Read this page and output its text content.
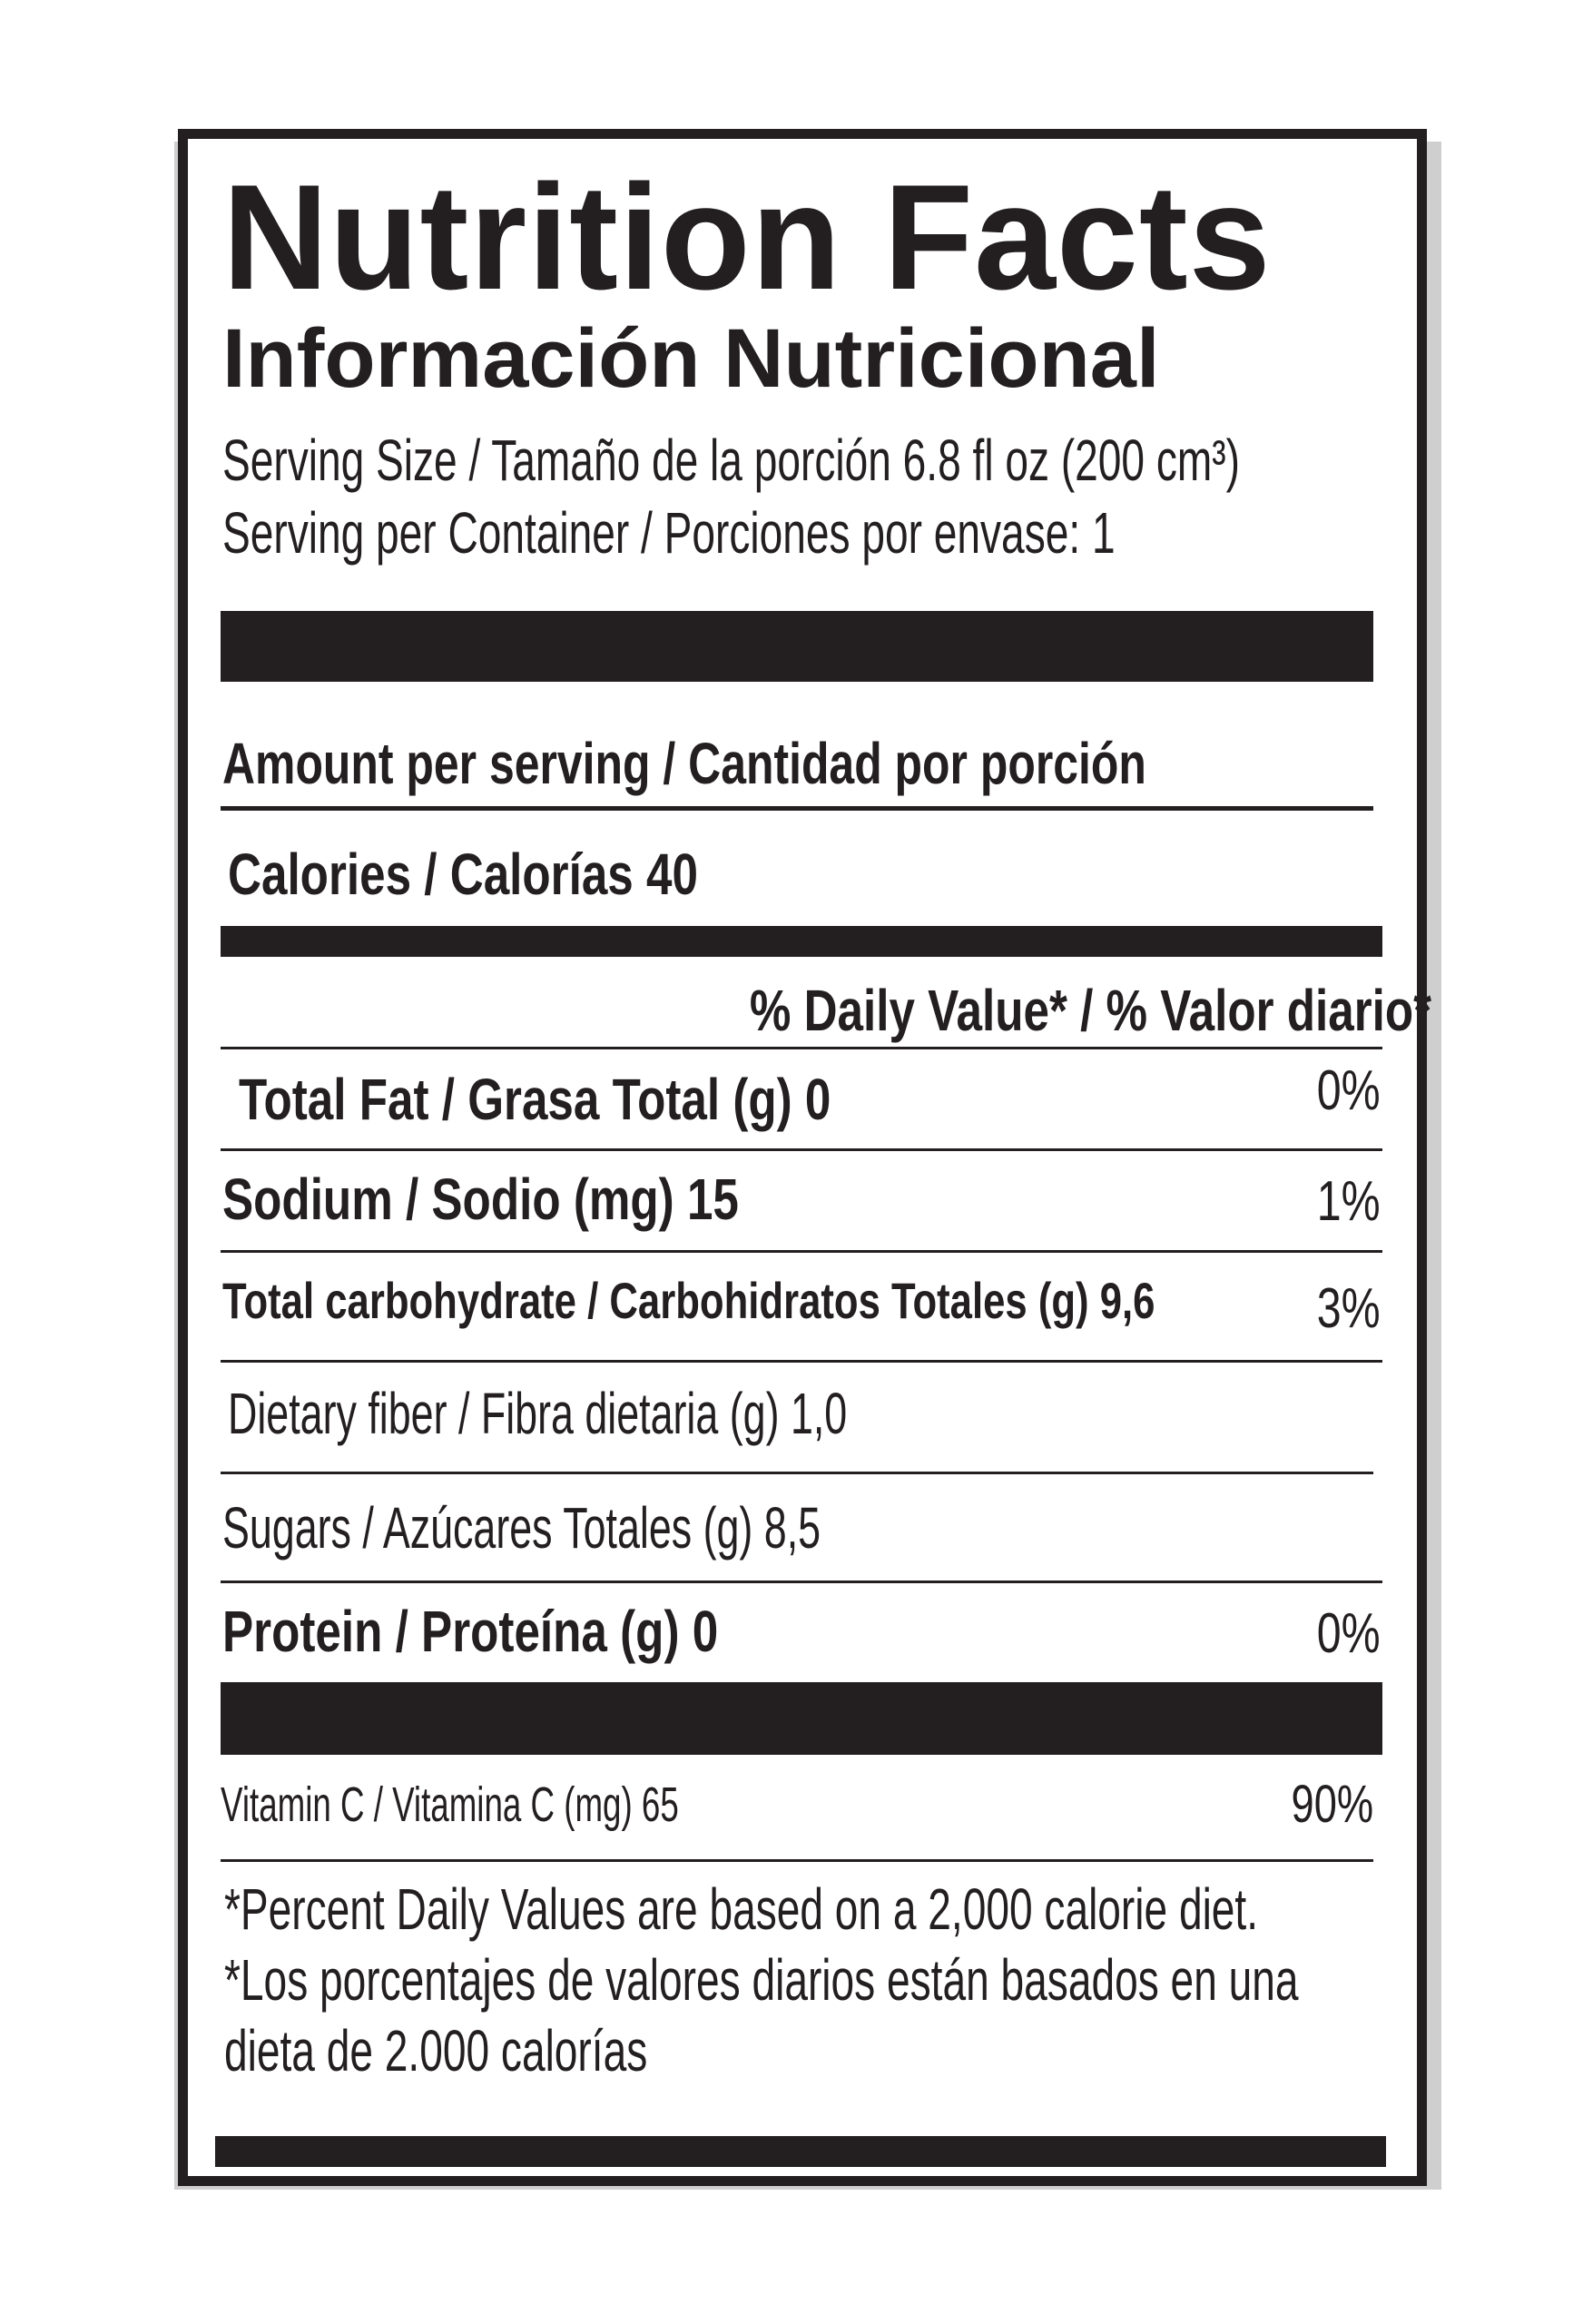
Nutrition Facts
Información Nutricional
Serving Size / Tamaño de la porción 6.8 fl oz (200 cm³)
Serving per Container / Porciones por envase: 1
Amount per serving / Cantidad por porción
Calories / Calorías 40
% Daily Value* / % Valor diario*
Total Fat / Grasa Total (g) 0	0%
Sodium / Sodio (mg) 15	1%
Total carbohydrate / Carbohidratos Totales (g) 9,6	3%
Dietary fiber / Fibra dietaria (g) 1,0
Sugars / Azúcares Totales (g) 8,5
Protein / Proteína (g) 0	0%
Vitamin C / Vitamina C (mg) 65	90%
*Percent Daily Values are based on a 2,000 calorie diet.
*Los porcentajes de valores diarios están basados en una
dieta de 2.000 calorías
